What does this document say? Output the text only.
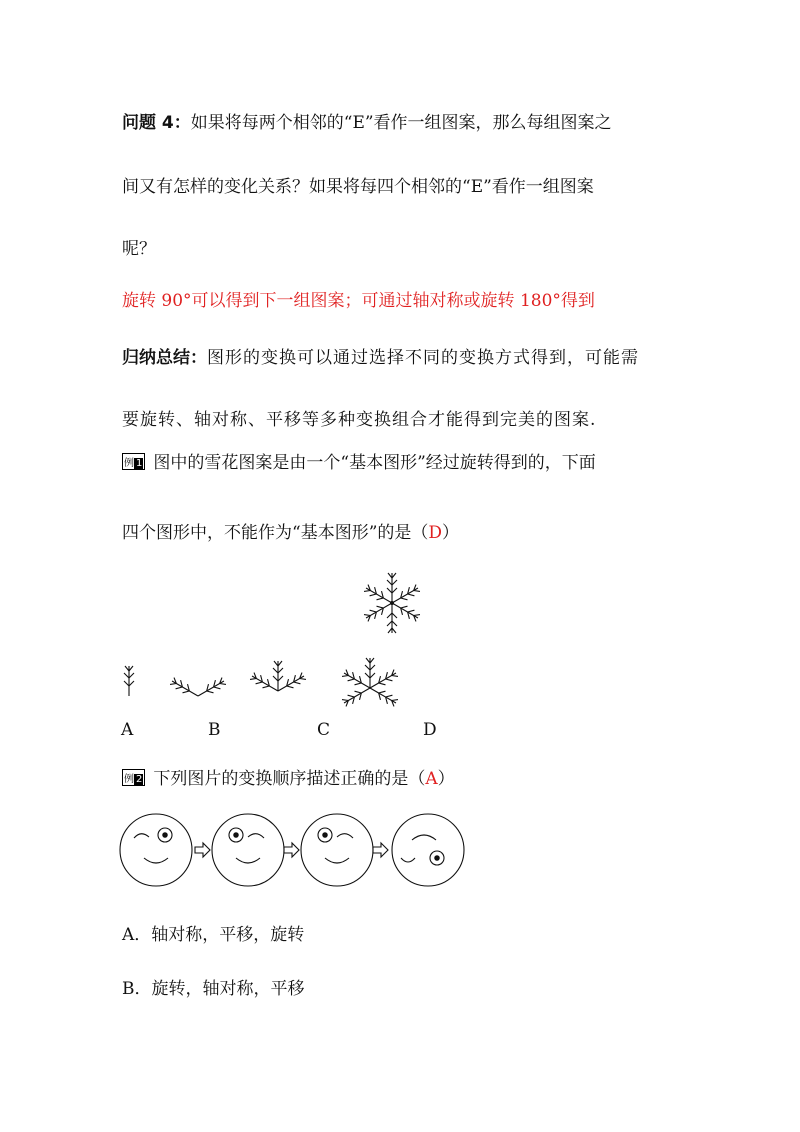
问题 4：如果将每两个相邻的“E”看作一组图案，那么每组图案之
间又有怎样的变化关系？如果将每四个相邻的“E”看作一组图案
呢？
旋转 90°可以得到下一组图案；可通过轴对称或旋转 180°得到
归纳总结：图形的变换可以通过选择不同的变换方式得到，可能需
要旋转、轴对称、平移等多种变换组合才能得到完美的图案.
例 1 图中的雪花图案是由一个“基本图形”经过旋转得到的，下面
四个图形中，不能作为“基本图形”的是（D）
A	B	C	D
例 2 下列图片的变换顺序描述正确的是（A）
A．轴对称，平移，旋转
B．旋转，轴对称，平移
